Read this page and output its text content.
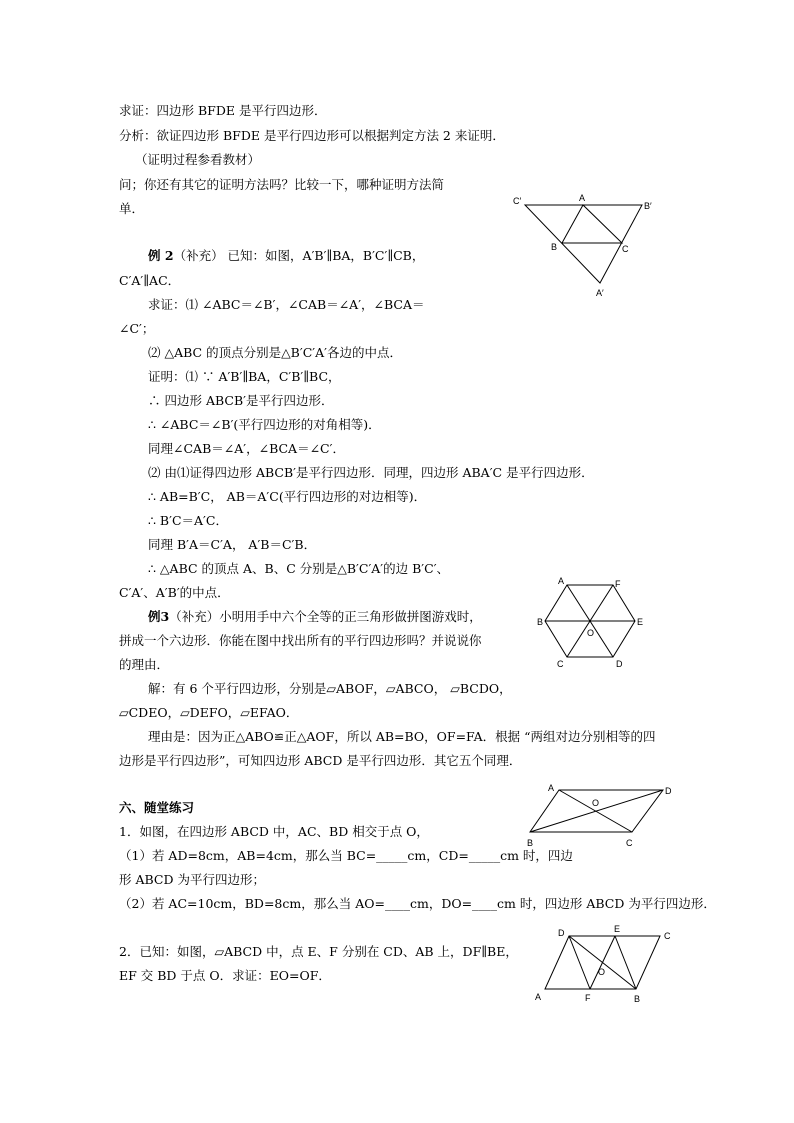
求证：四边形 BFDE 是平行四边形．
分析：欲证四边形 BFDE 是平行四边形可以根据判定方法 2 来证明．
（证明过程参看教材）
问；你还有其它的证明方法吗？比较一下，哪种证明方法简
单．
例 2（补充） 已知：如图，A′B′∥BA，B′C′∥CB，
C′A′∥AC．
求证：⑴ ∠ABC＝∠B′，∠CAB＝∠A′，∠BCA＝
∠C′；
⑵ △ABC 的顶点分别是△B′C′A′各边的中点．
证明：⑴ ∵ A′B′∥BA，C′B′∥BC，
∴ 四边形 ABCB′是平行四边形．
∴ ∠ABC＝∠B′(平行四边形的对角相等)．
同理∠CAB＝∠A′，∠BCA＝∠C′．
⑵ 由⑴证得四边形 ABCB′是平行四边形．同理，四边形 ABA′C 是平行四边形．
∴ AB=B′C， AB＝A′C(平行四边形的对边相等)．
∴ B′C＝A′C．
同理 B′A＝C′A， A′B＝C′B．
∴ △ABC 的顶点 A、B、C 分别是△B′C′A′的边 B′C′、
C′A′、A′B′的中点．
例3（补充）小明用手中六个全等的正三角形做拼图游戏时，
拼成一个六边形．你能在图中找出所有的平行四边形吗？并说说你
的理由．
解：有 6 个平行四边形，分别是▱ABOF，▱ABCO， ▱BCDO，
▱CDEO，▱DEFO，▱EFAO．
理由是：因为正△ABO≌正△AOF，所以 AB=BO，OF=FA．根据 “两组对边分别相等的四
边形是平行四边形”，可知四边形 ABCD 是平行四边形．其它五个同理．
六、随堂练习
1．如图，在四边形 ABCD 中，AC、BD 相交于点 O，
（1）若 AD=8cm，AB=4cm，那么当 BC=_____cm，CD=_____cm 时，四边
形 ABCD 为平行四边形；
（2）若 AC=10cm，BD=8cm，那么当 AO=____cm，DO=____cm 时，四边形 ABCD 为平行四边形．
2．已知：如图，▱ABCD 中，点 E、F 分别在 CD、AB 上，DF∥BE，
EF 交 BD 于点 O．求证：EO=OF．
C′	A
B′
B	C
A′
A	F
B	E
O
C	D
A
O
D
B	C
D	E
C
O
A	F	B
